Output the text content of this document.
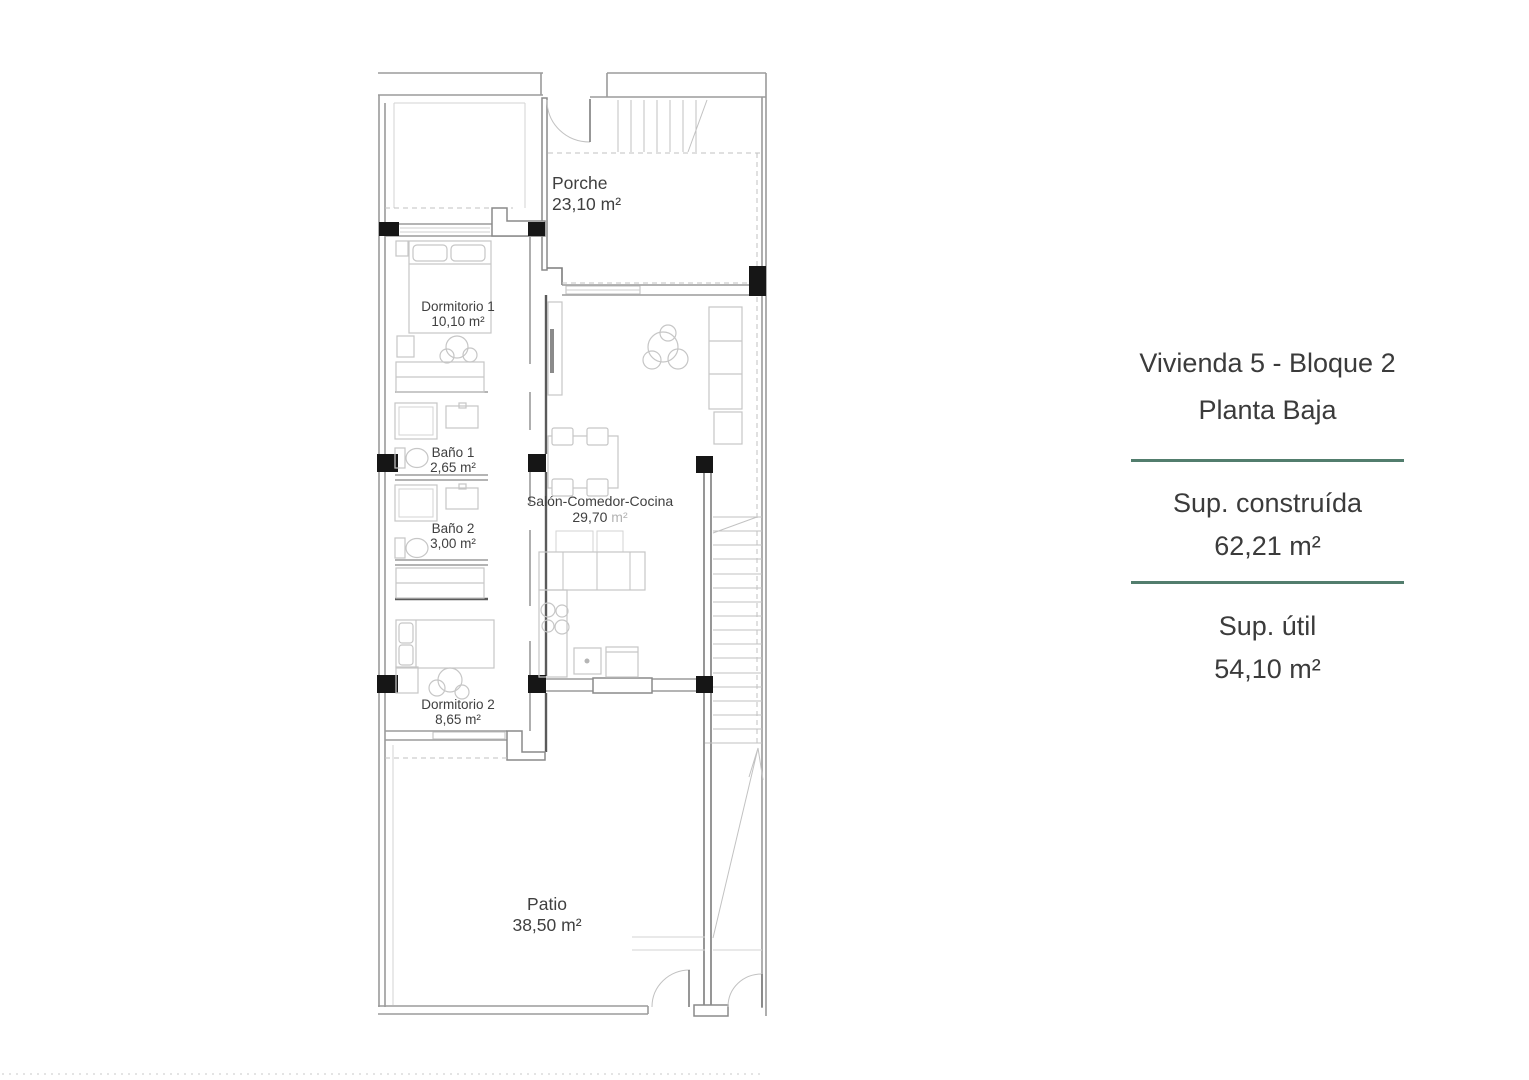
Porche
23,10 m²
Dormitorio 1
10,10 m²
Baño 1
2,65 m²
Baño 2
3,00 m²
Dormitorio 2
8,65 m²
Salón-Comedor-Cocina
29,70 m²
Patio
38,50 m²
Vivienda 5 - Bloque 2
Planta Baja
Sup. construída
62,21 m²
Sup. útil
54,10 m²
